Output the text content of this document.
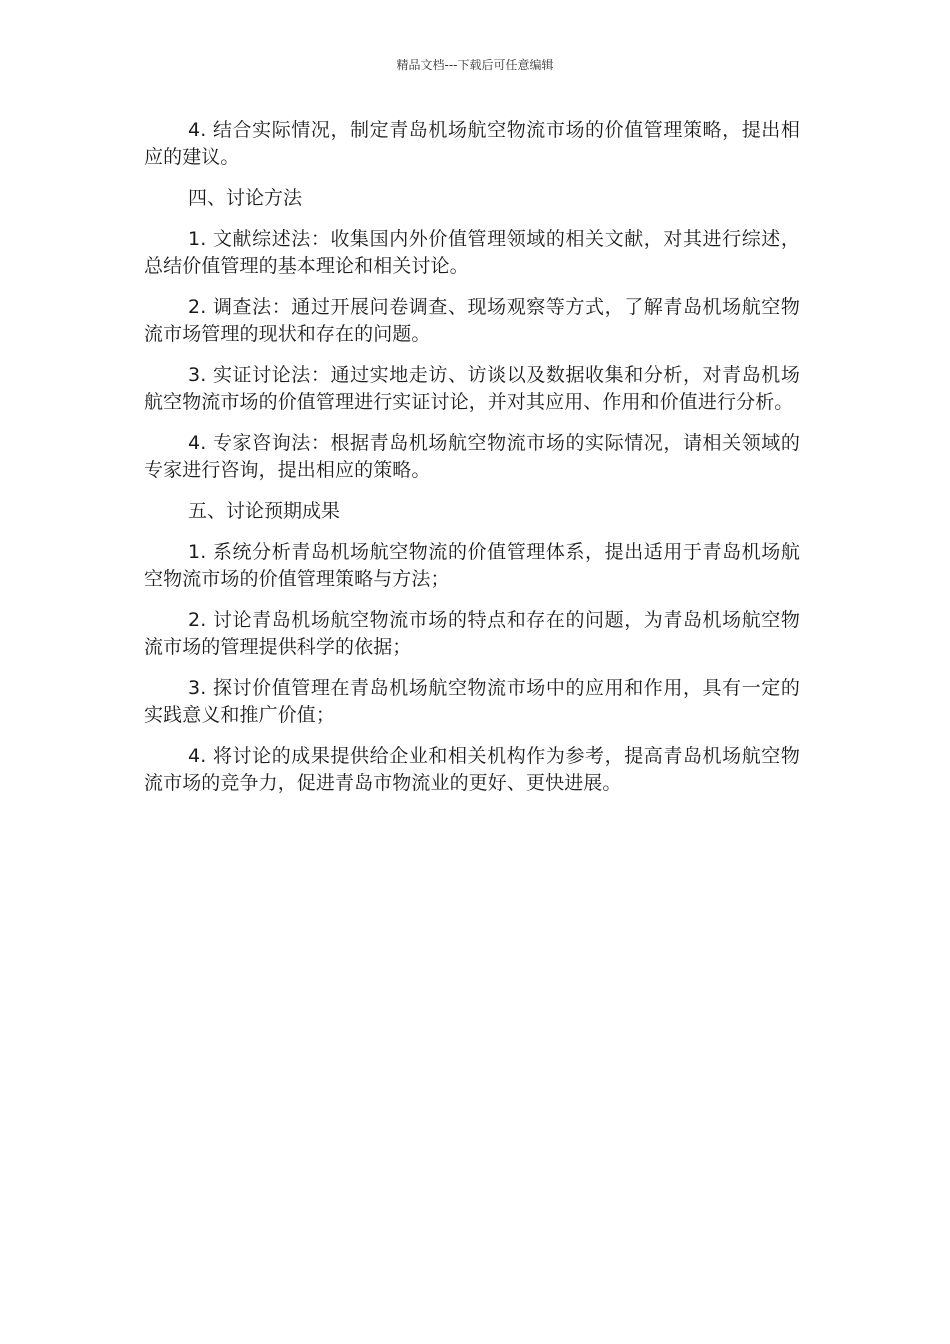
精品文档---下载后可任意编辑

4. 结合实际情况，制定青岛机场航空物流市场的价值管理策略，提出相应的建议。

四、讨论方法

1. 文献综述法：收集国内外价值管理领域的相关文献，对其进行综述，总结价值管理的基本理论和相关讨论。

2. 调查法：通过开展问卷调查、现场观察等方式，了解青岛机场航空物流市场管理的现状和存在的问题。

3. 实证讨论法：通过实地走访、访谈以及数据收集和分析，对青岛机场航空物流市场的价值管理进行实证讨论，并对其应用、作用和价值进行分析。

4. 专家咨询法：根据青岛机场航空物流市场的实际情况，请相关领域的专家进行咨询，提出相应的策略。

五、讨论预期成果

1. 系统分析青岛机场航空物流的价值管理体系，提出适用于青岛机场航空物流市场的价值管理策略与方法；

2. 讨论青岛机场航空物流市场的特点和存在的问题，为青岛机场航空物流市场的管理提供科学的依据；

3. 探讨价值管理在青岛机场航空物流市场中的应用和作用，具有一定的实践意义和推广价值；

4. 将讨论的成果提供给企业和相关机构作为参考，提高青岛机场航空物流市场的竞争力，促进青岛市物流业的更好、更快进展。
